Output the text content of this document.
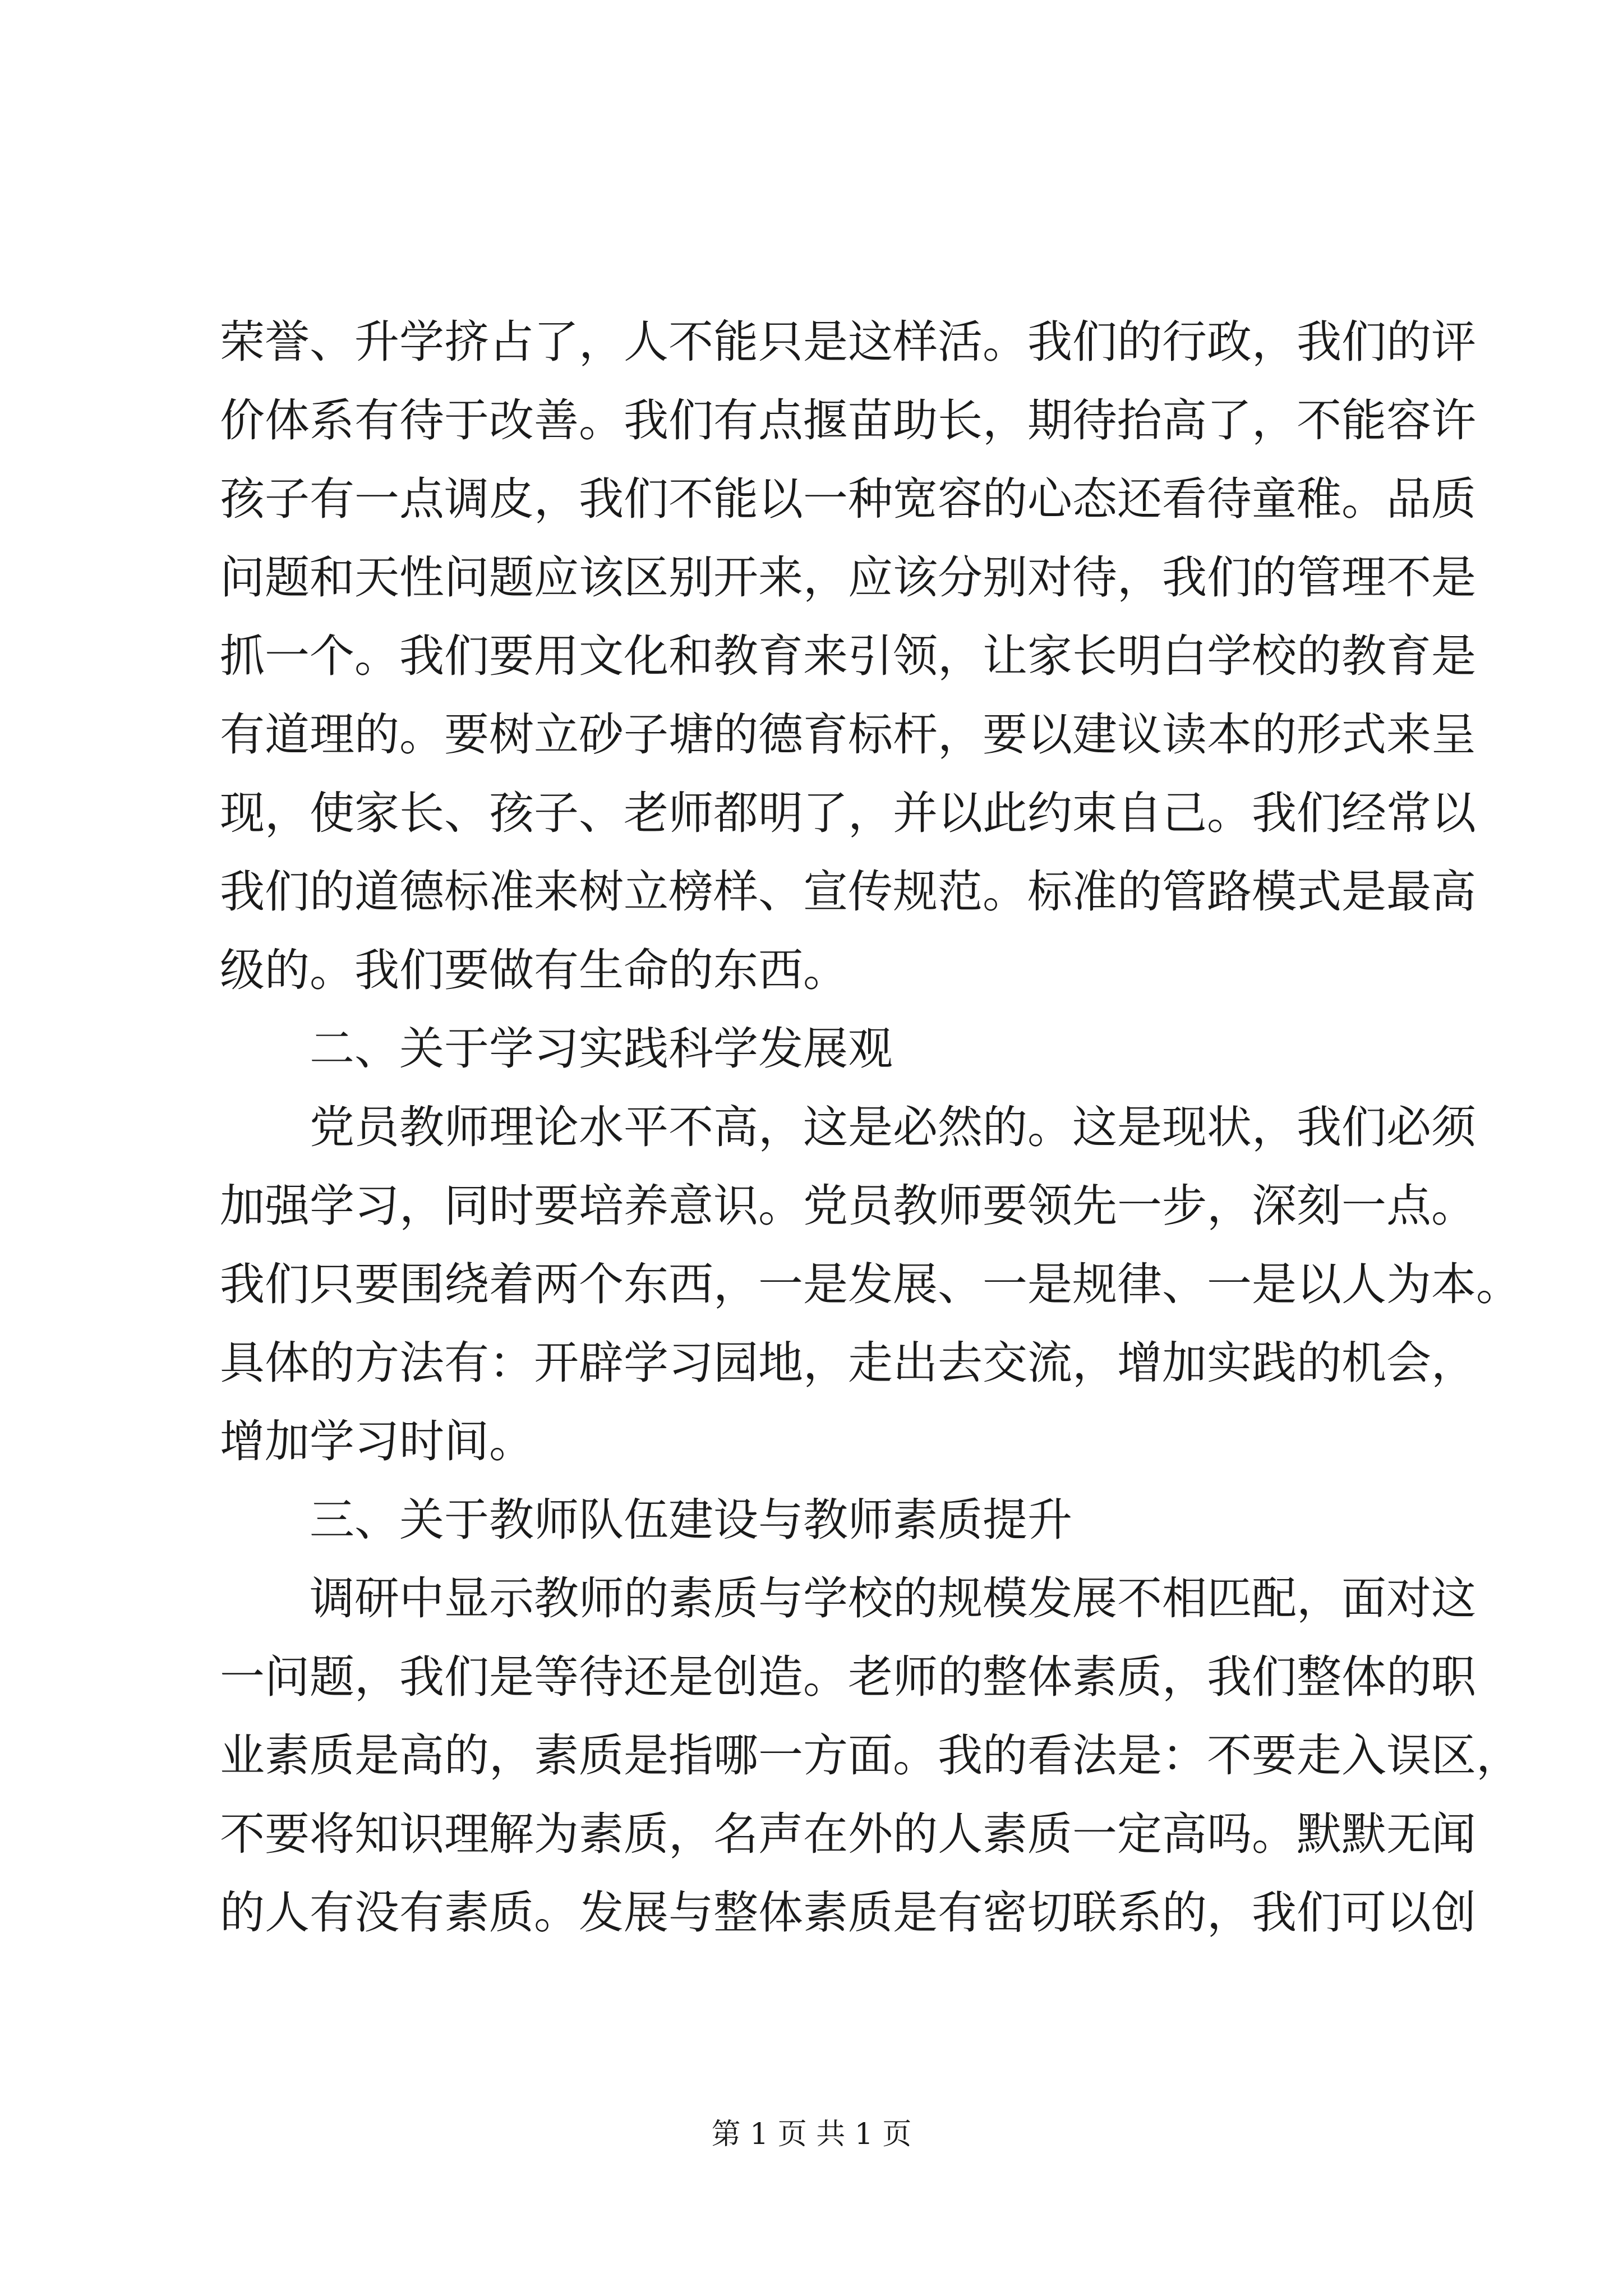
荣誉、升学挤占了，人不能只是这样活。我们的行政，我们的评
价体系有待于改善。我们有点揠苗助长，期待抬高了，不能容许
孩子有一点调皮，我们不能以一种宽容的心态还看待童稚。品质
问题和天性问题应该区别开来，应该分别对待，我们的管理不是
抓一个。我们要用文化和教育来引领，让家长明白学校的教育是
有道理的。要树立砂子塘的德育标杆，要以建议读本的形式来呈
现，使家长、孩子、老师都明了，并以此约束自己。我们经常以
我们的道德标准来树立榜样、宣传规范。标准的管路模式是最高
级的。我们要做有生命的东西。
二、关于学习实践科学发展观
党员教师理论水平不高，这是必然的。这是现状，我们必须
加强学习，同时要培养意识。党员教师要领先一步，深刻一点。
我们只要围绕着两个东西，一是发展、一是规律、一是以人为本。
具体的方法有：开辟学习园地，走出去交流，增加实践的机会，
增加学习时间。
三、关于教师队伍建设与教师素质提升
调研中显示教师的素质与学校的规模发展不相匹配，面对这
一问题，我们是等待还是创造。老师的整体素质，我们整体的职
业素质是高的，素质是指哪一方面。我的看法是：不要走入误区，
不要将知识理解为素质，名声在外的人素质一定高吗。默默无闻
的人有没有素质。发展与整体素质是有密切联系的，我们可以创
第 1 页 共 1 页
